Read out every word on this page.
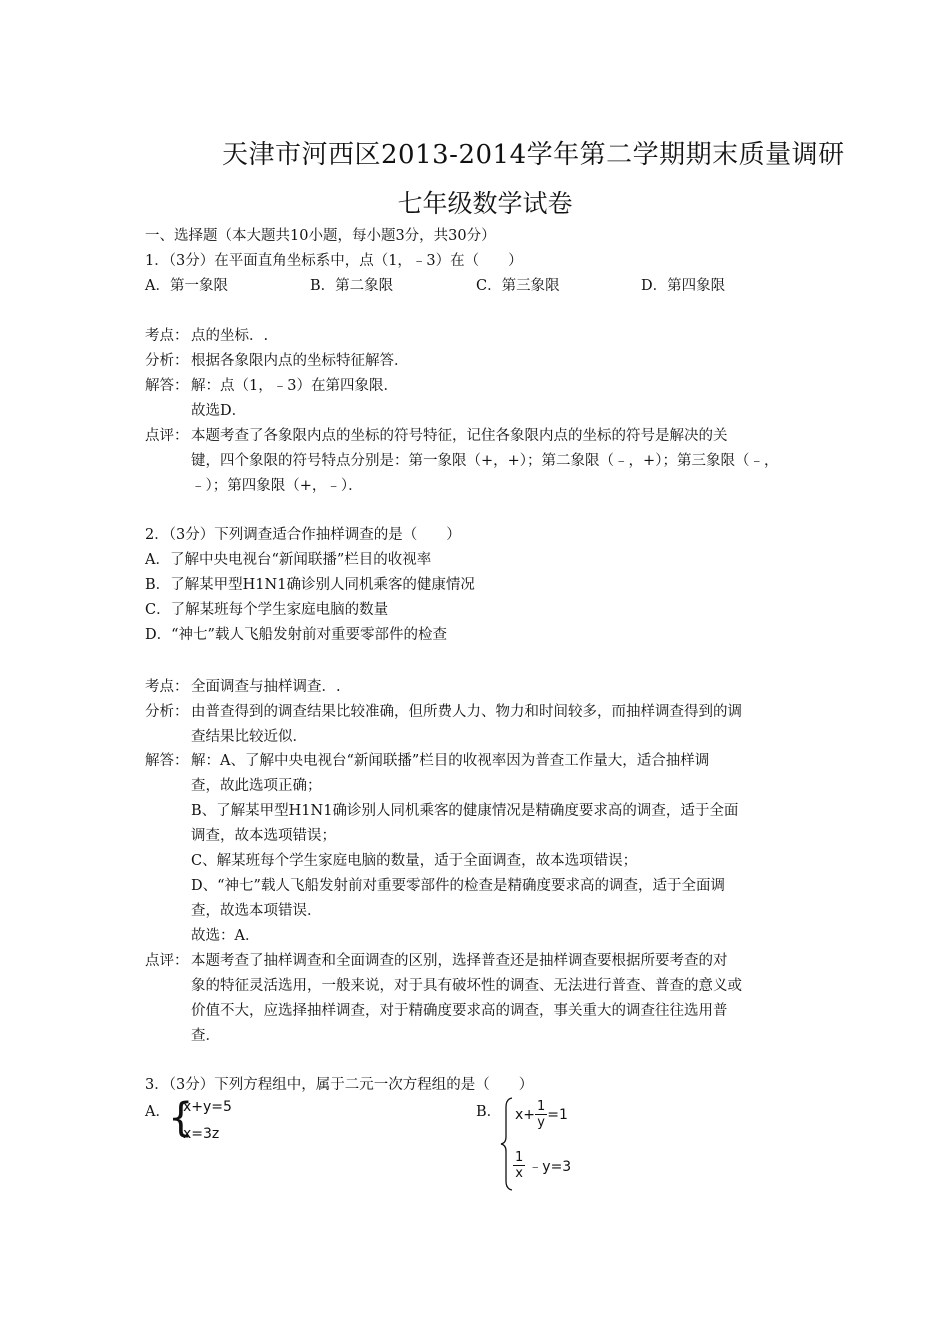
天津市河西区2013-2014学年第二学期期末质量调研
七年级数学试卷
一、选择题（本大题共10小题，每小题3分，共30分）
1．（3分）在平面直角坐标系中，点（1，﹣3）在（　　）
A．第一象限	B．第二象限	C．第三象限	D．第四象限
考点： 点的坐标．.
分析： 根据各象限内点的坐标特征解答．
解答： 解：点（1，﹣3）在第四象限．
故选D．
点评： 本题考查了各象限内点的坐标的符号特征，记住各象限内点的坐标的符号是解决的关
键，四个象限的符号特点分别是：第一象限（+，+）；第二象限（﹣，+）；第三象限（﹣，
﹣）；第四象限（+，﹣）．
2．（3分）下列调查适合作抽样调查的是（　　）
A．了解中央电视台“新闻联播”栏目的收视率
B．了解某甲型H1N1确诊别人同机乘客的健康情况
C．了解某班每个学生家庭电脑的数量
D．“神七”载人飞船发射前对重要零部件的检查
考点： 全面调查与抽样调查．.
分析： 由普查得到的调查结果比较准确，但所费人力、物力和时间较多，而抽样调查得到的调
查结果比较近似．
解答： 解：A、了解中央电视台“新闻联播”栏目的收视率因为普查工作量大，适合抽样调
查，故此选项正确；
B、了解某甲型H1N1确诊别人同机乘客的健康情况是精确度要求高的调查，适于全面
调查，故本选项错误；
C、解某班每个学生家庭电脑的数量，适于全面调查，故本选项错误；
D、“神七”载人飞船发射前对重要零部件的检查是精确度要求高的调查，适于全面调
查，故选本项错误．
故选：A．
点评： 本题考查了抽样调查和全面调查的区别，选择普查还是抽样调查要根据所要考查的对
象的特征灵活选用，一般来说，对于具有破坏性的调查、无法进行普查、普查的意义或
价值不大，应选择抽样调查，对于精确度要求高的调查，事关重大的调查往往选用普
查．
3．（3分）下列方程组中，属于二元一次方程组的是（　　）
A．
{
x+y=5
x=3z
B． $x+ \frac{1}{y} =1$
$\frac{1}{x}$ ﹣y=3
